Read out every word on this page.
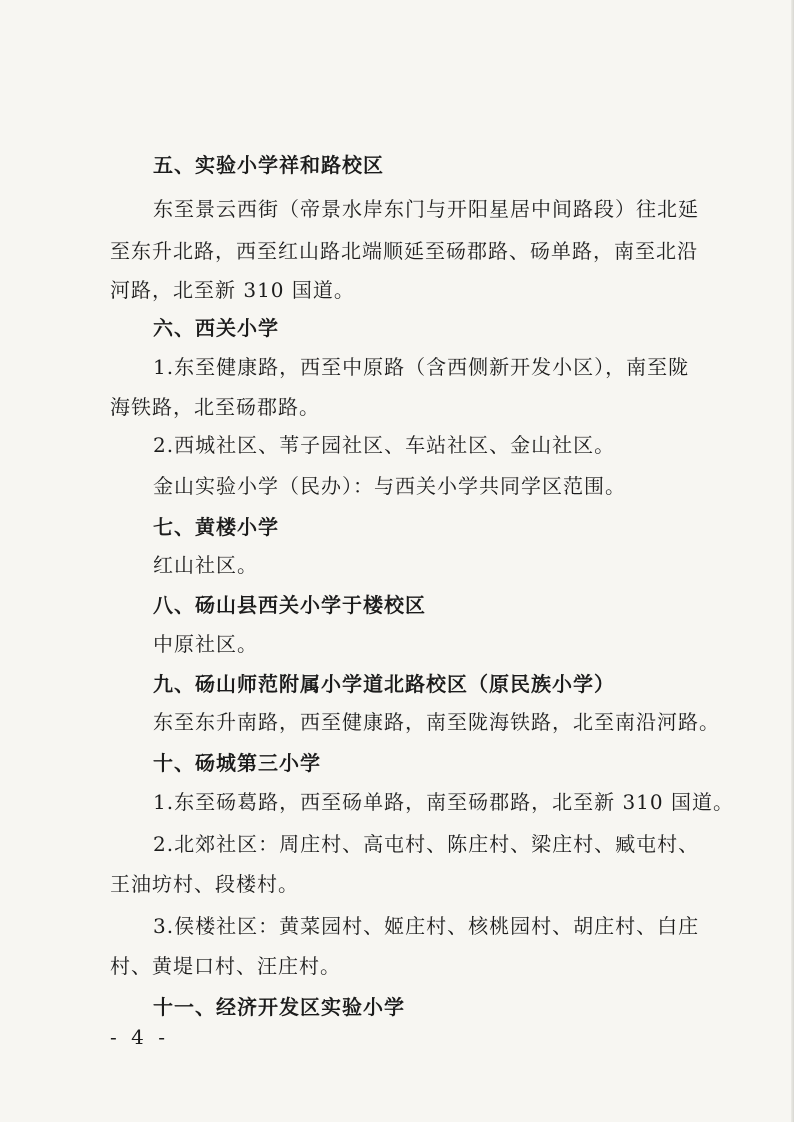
五、实验小学祥和路校区
东至景云西街（帝景水岸东门与开阳星居中间路段）往北延
至东升北路，西至红山路北端顺延至砀郡路、砀单路，南至北沿
河路，北至新 310 国道。
六、西关小学
1.东至健康路，西至中原路（含西侧新开发小区），南至陇
海铁路，北至砀郡路。
2.西城社区、苇子园社区、车站社区、金山社区。
金山实验小学（民办）：与西关小学共同学区范围。
七、黄楼小学
红山社区。
八、砀山县西关小学于楼校区
中原社区。
九、砀山师范附属小学道北路校区（原民族小学）
东至东升南路，西至健康路，南至陇海铁路，北至南沿河路。
十、砀城第三小学
1.东至砀葛路，西至砀单路，南至砀郡路，北至新 310 国道。
2.北郊社区：周庄村、高屯村、陈庄村、梁庄村、臧屯村、
王油坊村、段楼村。
3.侯楼社区：黄菜园村、姬庄村、核桃园村、胡庄村、白庄
村、黄堤口村、汪庄村。
十一、经济开发区实验小学
- 4 -
